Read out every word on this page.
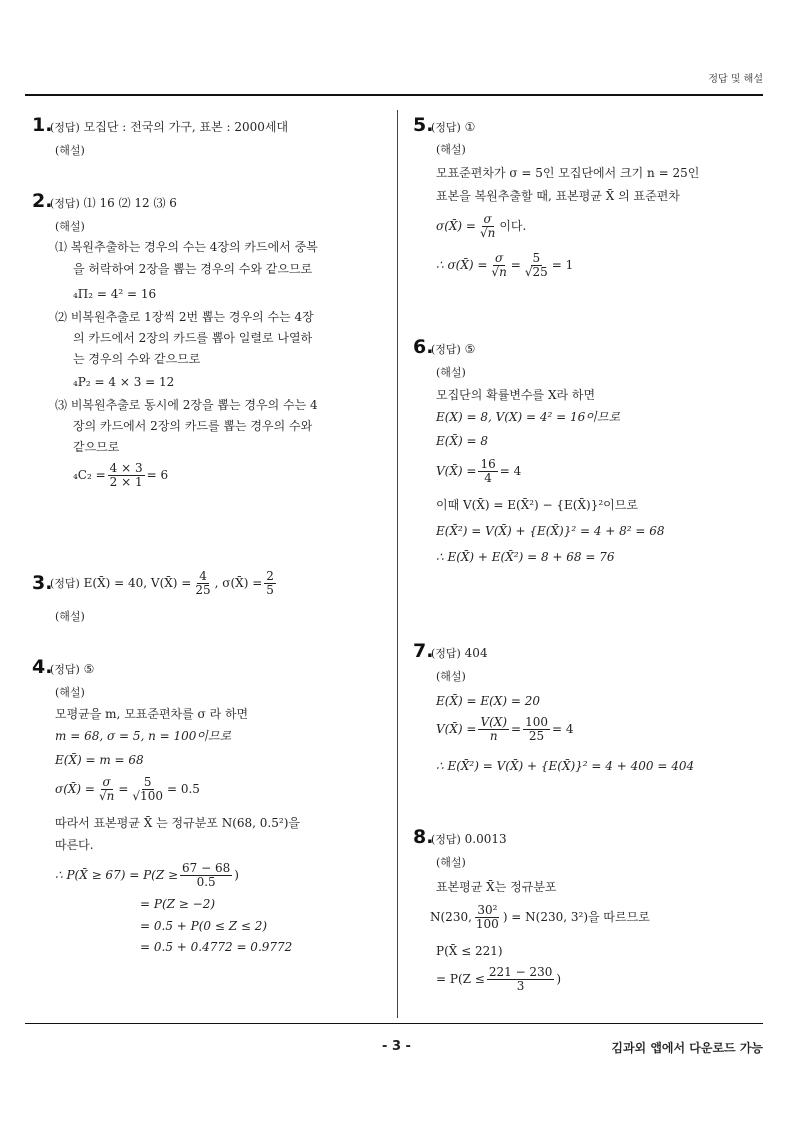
정답 및 해설
1.
(정답) 모집단 : 전국의 가구, 표본 : 2000세대
(해설)
2.
(정답) ⑴ 16 ⑵ 12 ⑶ 6
(해설)
⑴ 복원추출하는 경우의 수는 4장의 카드에서 중복
을 허락하여 2장을 뽑는 경우의 수와 같으므로
₄Π₂ = 4² = 16
⑵ 비복원추출로 1장씩 2번 뽑는 경우의 수는 4장
의 카드에서 2장의 카드를 뽑아 일렬로 나열하
는 경우의 수와 같으므로
₄P₂ = 4 × 3 = 12
⑶ 비복원추출로 동시에 2장을 뽑는 경우의 수는 4
장의 카드에서 2장의 카드를 뽑는 경우의 수와
같으므로
$_4C_2 = \frac{4 \times 3}{2 \times 1} = 6$
3.
(정답) E(X̄) = 40, V(X̄) = $\frac{4}{25}$ , σ(X̄) = $\frac{2}{5}$
(해설)
4.
(정답) ⑤
(해설)
모평균을 m, 모표준편차를 σ 라 하면
m = 68, σ = 5, n = 100이므로
E(X̄) = m = 68
σ(X̄) = $\frac{\sigma}{√n} = \frac{5}{√100} = 0.5$
따라서 표본평균 X̄ 는 정규분포 N(68, 0.5²)을
따른다.
∴ P(X̄ ≥ $67) = P(Z \ge \frac{67 - 68}{0.5}$ )
= P(Z ≥ −2)
= 0.5 + P(0 ≤ Z ≤ 2)
= 0.5 + 0.4772 = 0.9772
5.
(정답) ①
(해설)
모표준편차가 σ = 5인 모집단에서 크기 n = 25인
표본을 복원추출할 때, 표본평균 X̄ 의 표준편차
σ(X̄) = $\frac{\sigma}{√n}$ 이다.
∴ σ(X̄) = $\frac{\sigma}{√n} = \frac{5}{√25} = 1$
6.
(정답) ⑤
(해설)
모집단의 확률변수를 X라 하면
E(X) = 8, V(X) = 4² = 16이므로
E(X̄) = 8
V(X̄) = $\frac{16}{4} = 4$
이때 V(X̄) = E(X̄²) − {E(X̄)}²이므로
E(X̄²) = V(X̄) + {E(X̄)}² = 4 + 8² = 68
∴ E(X̄) + E(X̄²) = 8 + 68 = 76
7.
(정답) 404
(해설)
E(X̄) = E(X) = 20
V(X̄) = $\frac{V(X)}{n} = \frac{100}{25} = 4$
∴ E(X̄²) = V(X̄) + {E(X̄)}² = 4 + 400 = 404
8.
(정답) 0.0013
(해설)
표본평균 X̄는 정규분포
N(230, $\frac{\text{30²}}{100}$ ) = N(230, 3²)을 따르므로
P(X̄ ≤ 221)
= $P(Z \le \frac{221 - 230}{3}$ )
- 3 -	김과외 앱에서 다운로드 가능
